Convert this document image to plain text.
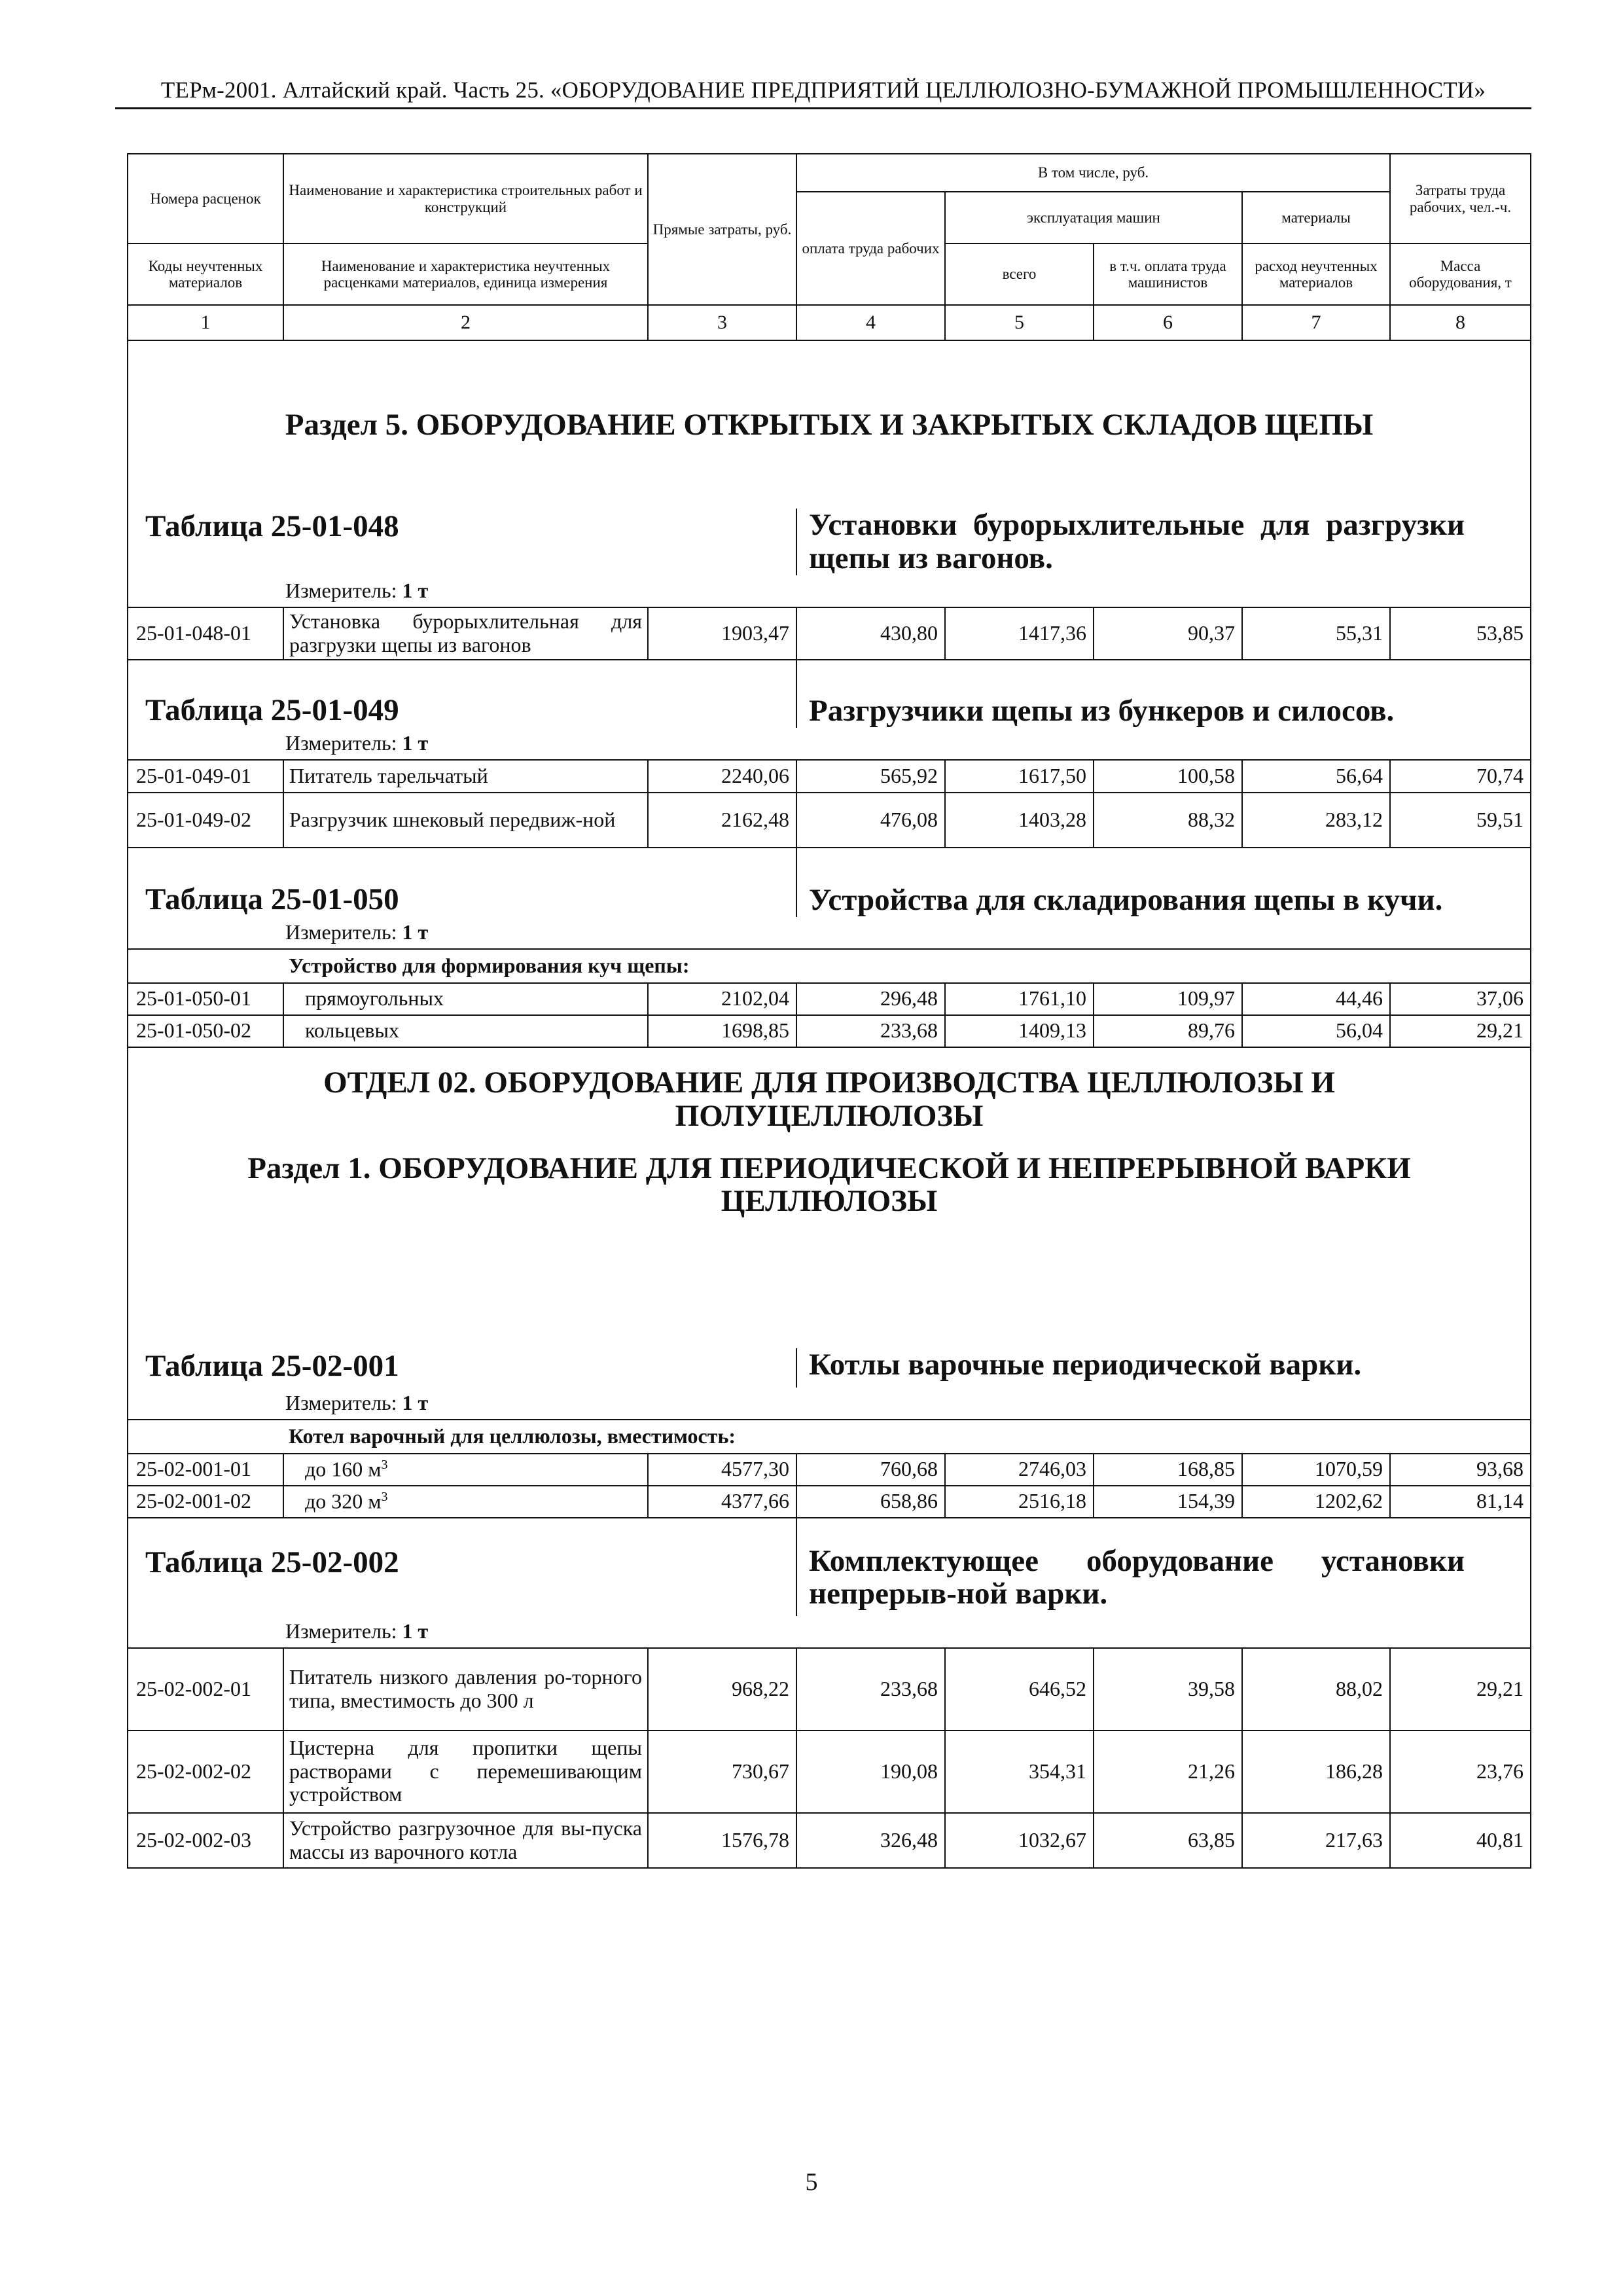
ТЕРм-2001. Алтайский край. Часть 25. «ОБОРУДОВАНИЕ ПРЕДПРИЯТИЙ ЦЕЛЛЮЛОЗНО-БУМАЖНОЙ ПРОМЫШЛЕННОСТИ»
Номера расценок	Наименование и характеристика строительных работ и конструкций	Прямые затраты, руб.	В том числе, руб.				Затраты труда рабочих, чел.-ч.
			оплата труда рабочих	эксплуатация машин		материалы	
Коды неучтенных материалов	Наименование и характеристика неучтенных расценками материалов, единица измерения			всего	в т.ч. оплата труда машинистов	расход неучтенных материалов	Масса оборудования, т
1	2	3	4	5	6	7	8
Раздел 5. ОБОРУДОВАНИЕ ОТКРЫТЫХ И ЗАКРЫТЫХ СКЛАДОВ ЩЕПЫ							
Таблица 25-01-048			Установки бурорыхлительные для разгрузки щепы из вагонов.				
Измеритель: 1 т							
25-01-048-01	Установка бурорыхлительная для разгрузки щепы из вагонов	1903,47	430,80	1417,36	90,37	55,31	53,85
Таблица 25-01-049			Разгрузчики щепы из бункеров и силосов.				
Измеритель: 1 т							
25-01-049-01	Питатель тарельчатый	2240,06	565,92	1617,50	100,58	56,64	70,74
25-01-049-02	Разгрузчик шнековый передвиж-ной	2162,48	476,08	1403,28	88,32	283,12	59,51
Таблица 25-01-050			Устройства для складирования щепы в кучи.				
Измеритель: 1 т							
	Устройство для формирования куч щепы:						
25-01-050-01	прямоугольных	2102,04	296,48	1761,10	109,97	44,46	37,06
25-01-050-02	кольцевых	1698,85	233,68	1409,13	89,76	56,04	29,21
ОТДЕЛ 02. ОБОРУДОВАНИЕ ДЛЯ ПРОИЗВОДСТВА ЦЕЛЛЮЛОЗЫ И ПОЛУЦЕЛЛЮЛОЗЫ							
Раздел 1. ОБОРУДОВАНИЕ ДЛЯ ПЕРИОДИЧЕСКОЙ И НЕПРЕРЫВНОЙ ВАРКИ ЦЕЛЛЮЛОЗЫ							
Таблица 25-02-001			Котлы варочные периодической варки.				
Измеритель: 1 т							
	Котел варочный для целлюлозы, вместимость:						
25-02-001-01	до 160 $м^3$	4577,30	760,68	2746,03	168,85	1070,59	93,68
25-02-001-02	до 320 $м^3$	4377,66	658,86	2516,18	154,39	1202,62	81,14
Таблица 25-02-002			Комплектующее оборудование установки непрерыв-ной варки.				
Измеритель: 1 т							
25-02-002-01	Питатель низкого давления ро-торного типа, вместимость до 300 л	968,22	233,68	646,52	39,58	88,02	29,21
25-02-002-02	Цистерна для пропитки щепы растворами с перемешивающим устройством	730,67	190,08	354,31	21,26	186,28	23,76
25-02-002-03	Устройство разгрузочное для вы-пуска массы из варочного котла	1576,78	326,48	1032,67	63,85	217,63	40,81
5
